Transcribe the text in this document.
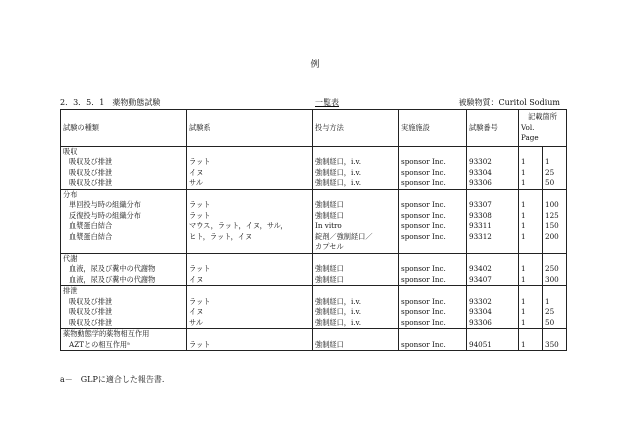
例
2．3．5．1　薬物動態試験	一覧表	被験物質：Curitol Sodium
試験の種類	試験系	投与方法	実施施設	試験番号	記載箇所
Vol.
Page	

吸収						
吸収及び排泄	ラット	強制経口，i.v.	sponsor Inc.	93302	1	1
吸収及び排泄	イヌ	強制経口，i.v.	sponsor Inc.	93304	1	25
吸収及び排泄	サル	強制経口，i.v.	sponsor Inc.	93306	1	50
分布						
単回投与時の組織分布	ラット	強制経口	sponsor Inc.	93307	1	100
反復投与時の組織分布	ラット	強制経口	sponsor Inc.	93308	1	125
血漿蛋白結合	マウス，ラット，イヌ，サル，	In vitro	sponsor Inc.	93311	1	150
血漿蛋白結合	ヒト，ラット，イヌ	錠剤／強制経口／	sponsor Inc.	93312	1	200
		カプセル				
代謝						
血液，尿及び糞中の代謝物	ラット	強制経口	sponsor Inc.	93402	1	250
血液，尿及び糞中の代謝物	イヌ	強制経口	sponsor Inc.	93407	1	300
排泄						
吸収及び排泄	ラット	強制経口，i.v.	sponsor Inc.	93302	1	1
吸収及び排泄	イヌ	強制経口，i.v.	sponsor Inc.	93304	1	25
吸収及び排泄	サル	強制経口，i.v.	sponsor Inc.	93306	1	50
薬物動態学的薬物相互作用						
AZTとの相互作用ᵃ	ラット	強制経口	sponsor Inc.	94051	1	350
a－　GLPに適合した報告書.
